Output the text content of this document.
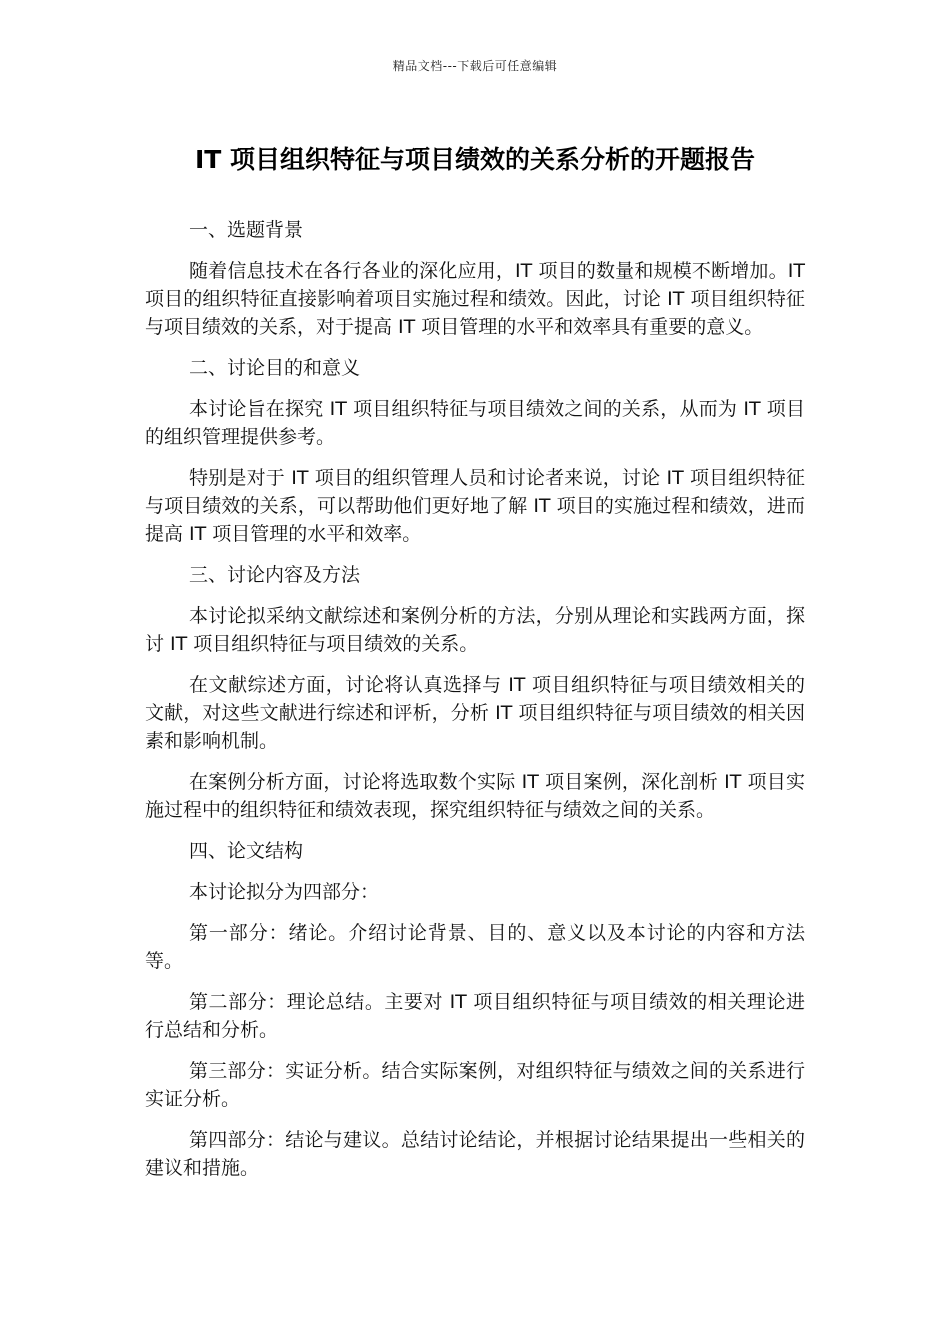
精品文档---下载后可任意编辑
IT 项目组织特征与项目绩效的关系分析的开题报告

一、选题背景

随着信息技术在各行各业的深化应用，IT 项目的数量和规模不断增加。IT 项目的组织特征直接影响着项目实施过程和绩效。因此，讨论 IT 项目组织特征与项目绩效的关系，对于提高 IT 项目管理的水平和效率具有重要的意义。

二、讨论目的和意义

本讨论旨在探究 IT 项目组织特征与项目绩效之间的关系，从而为 IT 项目的组织管理提供参考。

特别是对于 IT 项目的组织管理人员和讨论者来说，讨论 IT 项目组织特征与项目绩效的关系，可以帮助他们更好地了解 IT 项目的实施过程和绩效，进而提高 IT 项目管理的水平和效率。

三、讨论内容及方法

本讨论拟采纳文献综述和案例分析的方法，分别从理论和实践两方面，探讨 IT 项目组织特征与项目绩效的关系。

在文献综述方面，讨论将认真选择与 IT 项目组织特征与项目绩效相关的文献，对这些文献进行综述和评析，分析 IT 项目组织特征与项目绩效的相关因素和影响机制。

在案例分析方面，讨论将选取数个实际 IT 项目案例，深化剖析 IT 项目实施过程中的组织特征和绩效表现，探究组织特征与绩效之间的关系。

四、论文结构

本讨论拟分为四部分：

第一部分：绪论。介绍讨论背景、目的、意义以及本讨论的内容和方法等。

第二部分：理论总结。主要对 IT 项目组织特征与项目绩效的相关理论进行总结和分析。

第三部分：实证分析。结合实际案例，对组织特征与绩效之间的关系进行实证分析。

第四部分：结论与建议。总结讨论结论，并根据讨论结果提出一些相关的建议和措施。
